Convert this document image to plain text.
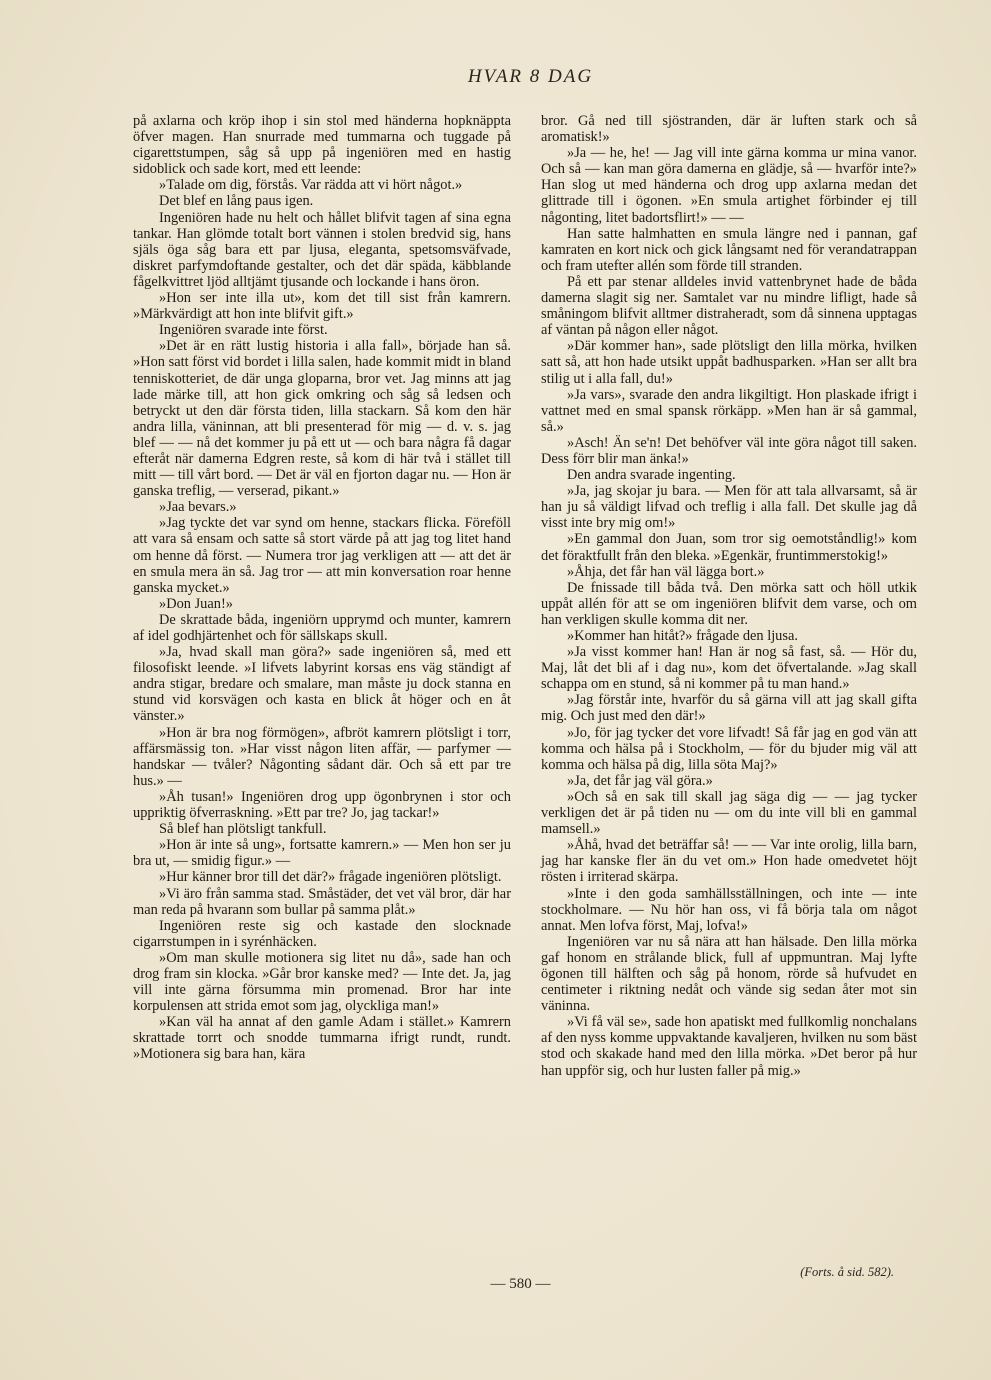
HVAR 8 DAG

på axlarna och kröp ihop i sin stol med händerna hopknäppta öfver magen. Han snurrade med tummarna och tuggade på cigarettstumpen, såg så upp på ingeniören med en hastig sidoblick och sade kort, med ett leende:

»Talade om dig, förstås. Var rädda att vi hört något.»

Det blef en lång paus igen.

Ingeniören hade nu helt och hållet blifvit tagen af sina egna tankar. Han glömde totalt bort vännen i stolen bredvid sig, hans själs öga såg bara ett par ljusa, eleganta, spetsomsväfvade, diskret parfymdoftande gestalter, och det där späda, käbblande fågelkvittret ljöd alltjämt tjusande och lockande i hans öron.

»Hon ser inte illa ut», kom det till sist från kamrern. »Märkvärdigt att hon inte blifvit gift.»

Ingeniören svarade inte först.

»Det är en rätt lustig historia i alla fall», började han så. »Hon satt först vid bordet i lilla salen, hade kommit midt in bland tenniskotteriet, de där unga gloparna, bror vet. Jag minns att jag lade märke till, att hon gick omkring och såg så ledsen och betryckt ut den där första tiden, lilla stackarn. Så kom den här andra lilla, väninnan, att bli presenterad för mig — d. v. s. jag blef — — nå det kommer ju på ett ut — och bara några få dagar efteråt när damerna Edgren reste, så kom di här två i stället till mitt — till vårt bord. — Det är väl en fjorton dagar nu. — Hon är ganska treflig, — verserad, pikant.»

»Jaa bevars.»

»Jag tyckte det var synd om henne, stackars flicka. Föreföll att vara så ensam och satte så stort värde på att jag tog litet hand om henne då först. — Numera tror jag verkligen att — att det är en smula mera än så. Jag tror — att min konversation roar henne ganska mycket.»

»Don Juan!»

De skrattade båda, ingeniörn upprymd och munter, kamrern af idel godhjärtenhet och för sällskaps skull.

»Ja, hvad skall man göra?» sade ingeniören så, med ett filosofiskt leende. »I lifvets labyrint korsas ens väg ständigt af andra stigar, bredare och smalare, man måste ju dock stanna en stund vid korsvägen och kasta en blick åt höger och en åt vänster.»

»Hon är bra nog förmögen», afbröt kamrern plötsligt i torr, affärsmässig ton. »Har visst någon liten affär, — parfymer — handskar — tvåler? Någonting sådant där. Och så ett par tre hus.» —

»Åh tusan!» Ingeniören drog upp ögonbrynen i stor och uppriktig öfverraskning. »Ett par tre? Jo, jag tackar!»

Så blef han plötsligt tankfull.

»Hon är inte så ung», fortsatte kamrern.» — Men hon ser ju bra ut, — smidig figur.» —

»Hur känner bror till det där?» frågade ingeniören plötsligt.

»Vi äro från samma stad. Småstäder, det vet väl bror, där har man reda på hvarann som bullar på samma plåt.»

Ingeniören reste sig och kastade den slocknade cigarrstumpen in i syrénhäcken.

»Om man skulle motionera sig litet nu då», sade han och drog fram sin klocka. »Går bror kanske med? — Inte det. Ja, jag vill inte gärna försumma min promenad. Bror har inte korpulensen att strida emot som jag, olyckliga man!»

»Kan väl ha annat af den gamle Adam i stället.» Kamrern skrattade torrt och snodde tummarna ifrigt rundt, rundt. »Motionera sig bara han, kära

bror. Gå ned till sjöstranden, där är luften stark och så aromatisk!»

»Ja — he, he! — Jag vill inte gärna komma ur mina vanor. Och så — kan man göra damerna en glädje, så — hvarför inte?» Han slog ut med händerna och drog upp axlarna medan det glittrade till i ögonen. »En smula artighet förbinder ej till någonting, litet badortsflirt!» — —

Han satte halmhatten en smula längre ned i pannan, gaf kamraten en kort nick och gick långsamt ned för verandatrappan och fram utefter allén som förde till stranden.

På ett par stenar alldeles invid vattenbrynet hade de båda damerna slagit sig ner. Samtalet var nu mindre lifligt, hade så småningom blifvit alltmer distraheradt, som då sinnena upptagas af väntan på någon eller något.

»Där kommer han», sade plötsligt den lilla mörka, hvilken satt så, att hon hade utsikt uppåt badhusparken. »Han ser allt bra stilig ut i alla fall, du!»

»Ja vars», svarade den andra likgiltigt. Hon plaskade ifrigt i vattnet med en smal spansk rörkäpp. »Men han är så gammal, så.»

»Asch! Än se'n! Det behöfver väl inte göra något till saken. Dess förr blir man änka!»

Den andra svarade ingenting.

»Ja, jag skojar ju bara. — Men för att tala allvarsamt, så är han ju så väldigt lifvad och treflig i alla fall. Det skulle jag då visst inte bry mig om!»

»En gammal don Juan, som tror sig oemotståndlig!» kom det föraktfullt från den bleka. »Egenkär, fruntimmerstokig!»

»Åhja, det får han väl lägga bort.»

De fnissade till båda två. Den mörka satt och höll utkik uppåt allén för att se om ingeniören blifvit dem varse, och om han verkligen skulle komma dit ner.

»Kommer han hitåt?» frågade den ljusa.

»Ja visst kommer han! Han är nog så fast, så. — Hör du, Maj, låt det bli af i dag nu», kom det öfvertalande. »Jag skall schappa om en stund, så ni kommer på tu man hand.»

»Jag förstår inte, hvarför du så gärna vill att jag skall gifta mig. Och just med den där!»

»Jo, för jag tycker det vore lifvadt! Så får jag en god vän att komma och hälsa på i Stockholm, — för du bjuder mig väl att komma och hälsa på dig, lilla söta Maj?»

»Ja, det får jag väl göra.»

»Och så en sak till skall jag säga dig — — jag tycker verkligen det är på tiden nu — om du inte vill bli en gammal mamsell.»

»Åhå, hvad det beträffar så! — — Var inte orolig, lilla barn, jag har kanske fler än du vet om.» Hon hade omedvetet höjt rösten i irriterad skärpa.

»Inte i den goda samhällsställningen, och inte — inte stockholmare. — Nu hör han oss, vi få börja tala om något annat. Men lofva först, Maj, lofva!»

Ingeniören var nu så nära att han hälsade. Den lilla mörka gaf honom en strålande blick, full af uppmuntran. Maj lyfte ögonen till hälften och såg på honom, rörde så hufvudet en centimeter i riktning nedåt och vände sig sedan åter mot sin väninna.

»Vi få väl se», sade hon apatiskt med fullkomlig nonchalans af den nyss komme uppvaktande kavaljeren, hvilken nu som bäst stod och skakade hand med den lilla mörka. »Det beror på hur han uppför sig, och hur lusten faller på mig.»

(Forts. å sid. 582).
— 580 —
